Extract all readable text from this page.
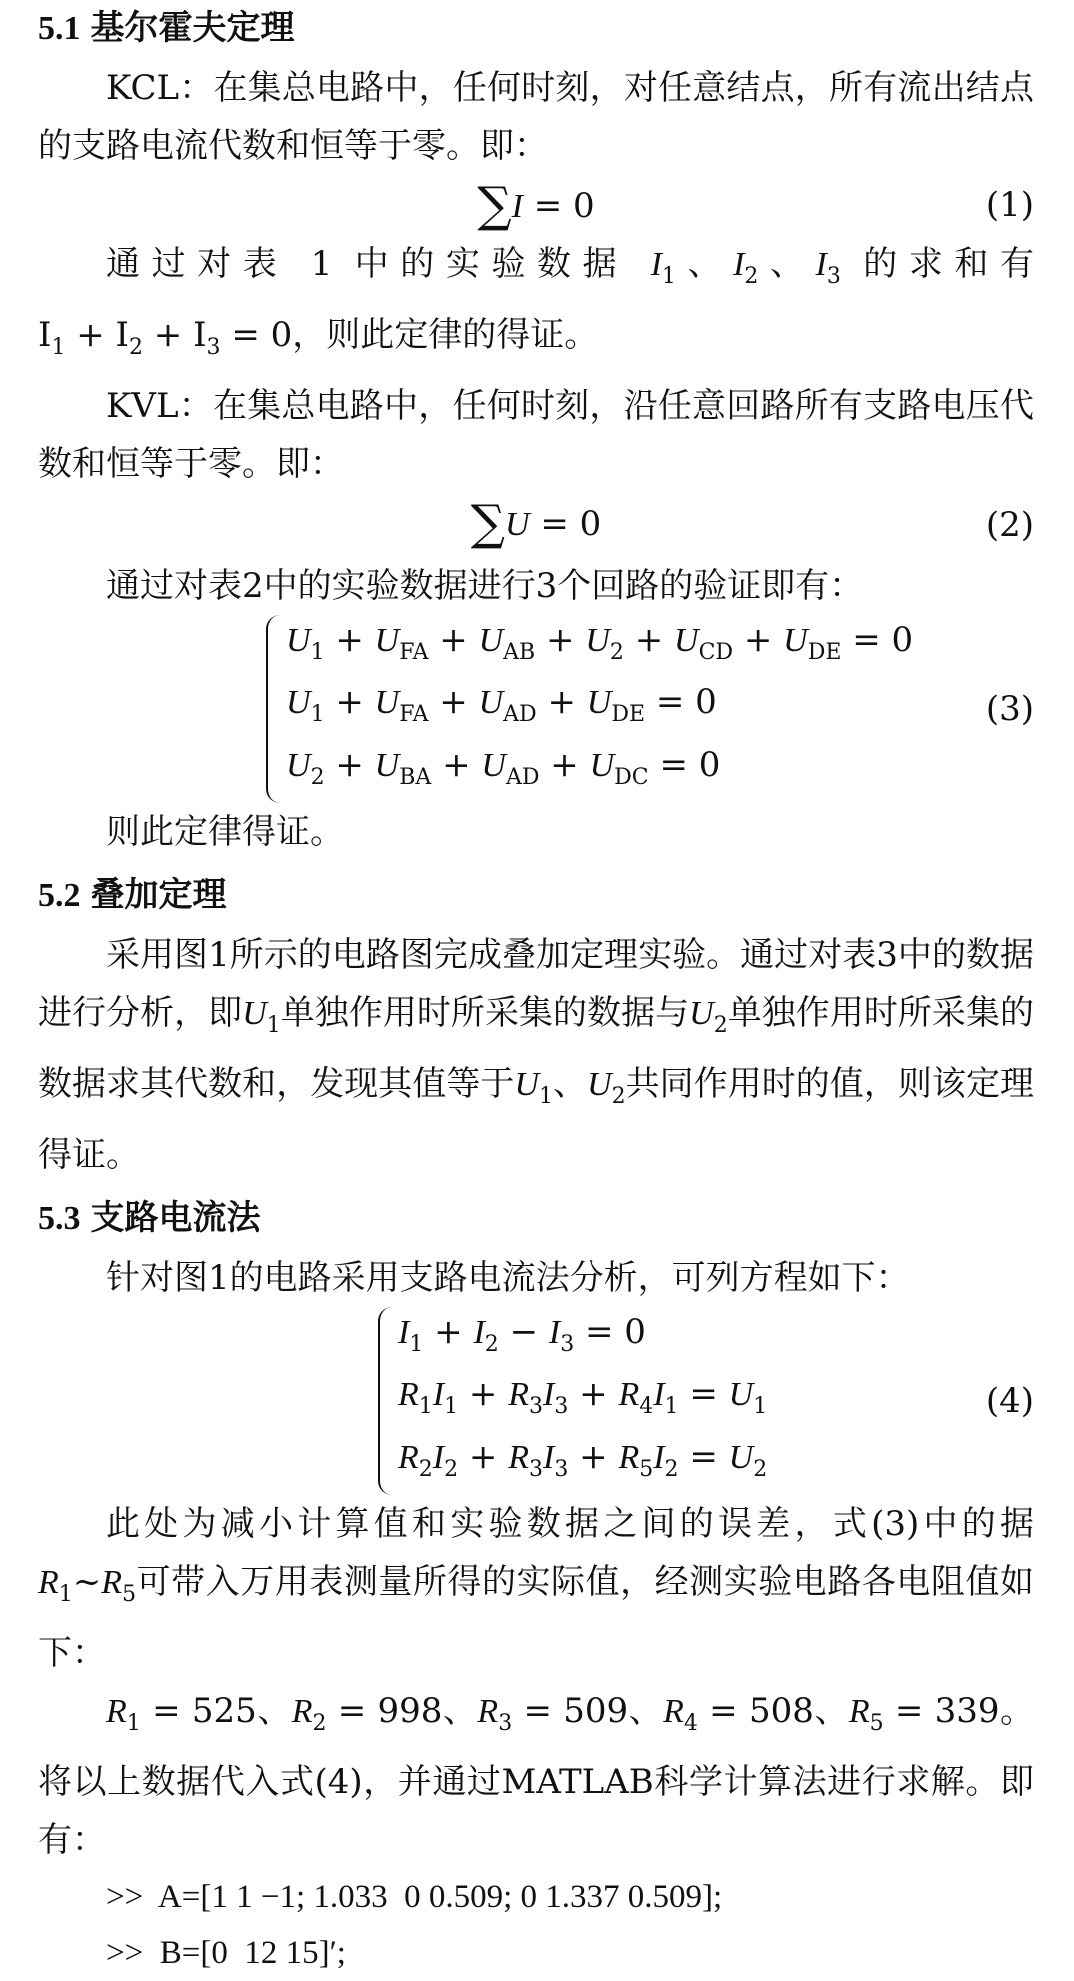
5.1 基尔霍夫定理

KCL：在集总电路中，任何时刻，对任意结点，所有流出结点的支路电流代数和恒等于零。即：

∑I = 0	(1)

通过对表 1 中的实验数据 $I_1$、$I_2$、$I_3$ 的求和有

$I_1 + I_2 + I_3 = 0$，则此定律的得证。

KVL：在集总电路中，任何时刻，沿任意回路所有支路电压代数和恒等于零。即：

∑U = 0	(2)

通过对表2中的实验数据进行3个回路的验证即有：

$U_1 + U_{FA} + U_{AB} + U_2 + U_{CD} + U_{DE} = 0$
$U_1 + U_{FA} + U_{AD} + U_{DE} = 0$
$U_2 + U_{BA} + U_{AD} + U_{DC} = 0$
(3)

则此定律得证。

5.2 叠加定理

采用图1所示的电路图完成叠加定理实验。通过对表3中的数据进行分析，即$U_1$单独作用时所采集的数据与$U_2$单独作用时所采集的数据求其代数和，发现其值等于$U_1$、$U_2$共同作用时的值，则该定理得证。

5.3 支路电流法

针对图1的电路采用支路电流法分析，可列方程如下：

$I_1 + I_2 - I_3 = 0$
$R_1I_1 + R_3I_3 + R_4I_1 = U_1$
$R_2I_2 + R_3I_3 + R_5I_2 = U_2$
(4)

此处为减小计算值和实验数据之间的误差，式(3)中的据$R_1\sim R_5$可带入万用表测量所得的实际值，经测实验电路各电阻值如下：

$R_1 = 525$、$R_2 = 998$、$R_3 = 509$、$R_4 = 508$、$R_5 = 339$。将以上数据代入式(4)，并通过MATLAB科学计算法进行求解。即有：

>>  A=[1 1 −1; 1.033  0 0.509; 0 1.337 0.509];
>>  B=[0  12 15]′;
